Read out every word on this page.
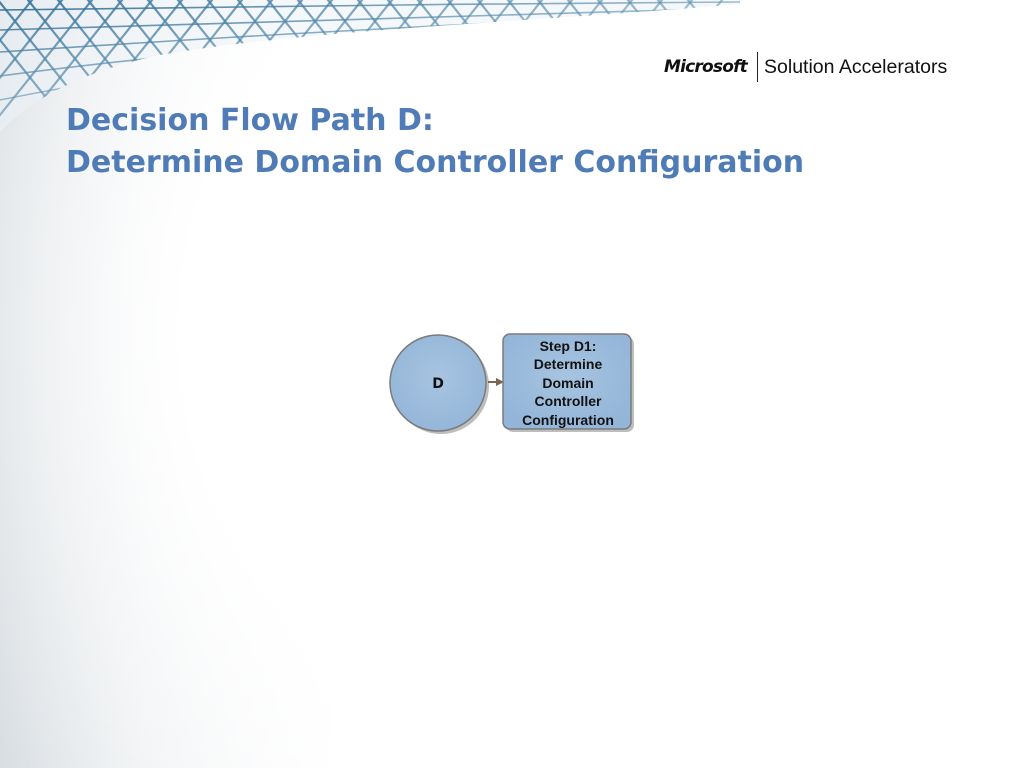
Microsoft Solution Accelerators
Decision Flow Path D:
Determine Domain Controller Configuration
D
Step D1:
Determine
Domain
Controller
Configuration
